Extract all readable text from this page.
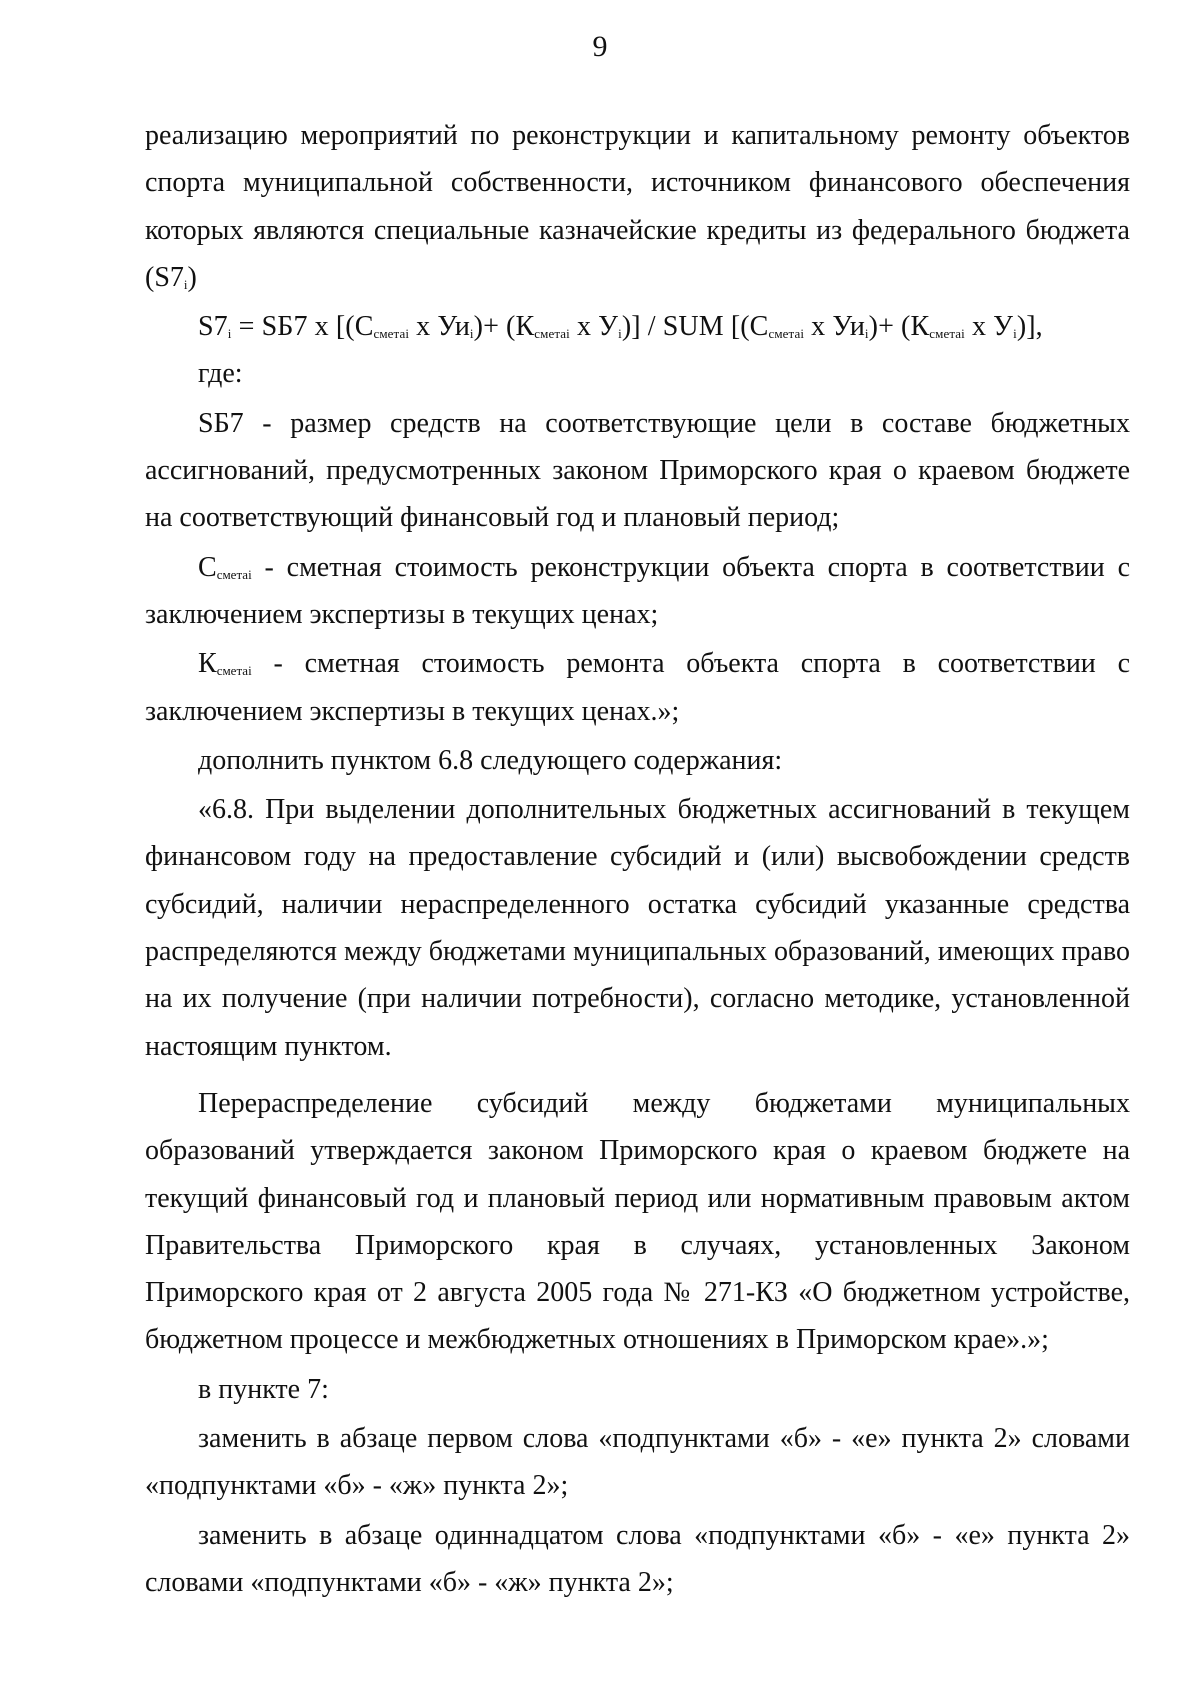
9

реализацию мероприятий по реконструкции и капитальному ремонту объектов спорта муниципальной собственности, источником финансового обеспечения которых являются специальные казначейские кредиты из федерального бюджета $(S7_i)$

$S7_i = SБ7$ x [($C_{сметаi}$ x $Уи_i)+ (К_{сметаi}$ x $У_i$)] / SUM [($C_{сметаi}$ x $Уи_i)+ (К_{сметаi}$ x $У_i$)],

где:

SБ7 - размер средств на соответствующие цели в составе бюджетных ассигнований, предусмотренных законом Приморского края о краевом бюджете на соответствующий финансовый год и плановый период;

$C_{сметаi}$ - сметная стоимость реконструкции объекта спорта в соответствии с заключением экспертизы в текущих ценах;

$К_{сметаi}$ - сметная стоимость ремонта объекта спорта в соответствии с заключением экспертизы в текущих ценах.»;

дополнить пунктом 6.8 следующего содержания:

«6.8. При выделении дополнительных бюджетных ассигнований в текущем финансовом году на предоставление субсидий и (или) высвобождении средств субсидий, наличии нераспределенного остатка субсидий указанные средства распределяются между бюджетами муниципальных образований, имеющих право на их получение (при наличии потребности), согласно методике, установленной настоящим пунктом.

Перераспределение субсидий между бюджетами муниципальных образований утверждается законом Приморского края о краевом бюджете на текущий финансовый год и плановый период или нормативным правовым актом Правительства Приморского края в случаях, установленных Законом Приморского края от 2 августа 2005 года № 271-КЗ «О бюджетном устройстве, бюджетном процессе и межбюджетных отношениях в Приморском крае».»;

в пункте 7:

заменить в абзаце первом слова «подпунктами «б» - «е» пункта 2» словами «подпунктами «б» - «ж» пункта 2»;

заменить в абзаце одиннадцатом слова «подпунктами «б» - «е» пункта 2» словами «подпунктами «б» - «ж» пункта 2»;
